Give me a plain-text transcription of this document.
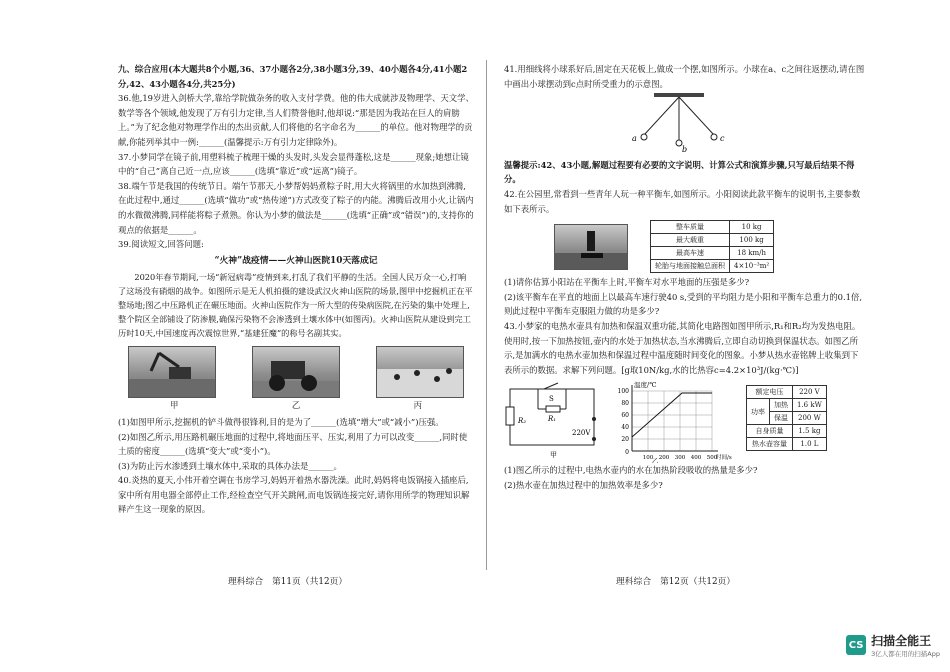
九、综合应用(本大题共8个小题,36、37小题各2分,38小题3分,39、40小题各4分,41小题2分,42、43小题各4分,共25分)

36.他,19岁进入剑桥大学,靠给学院做杂务的收入支付学费。他的伟大成就涉及物理学、天文学、数学等各个领域,他发现了万有引力定律,当人们赞誉他时,他却说:“那是因为我站在巨人的肩膀上。”为了纪念他对物理学作出的杰出贡献,人们将他的名字命名为______的单位。他对物理学的贡献,你能列举其中一例:______(温馨提示:万有引力定律除外)。

37.小梦同学在镜子前,用塑料梳子梳理干燥的头发时,头发会显得蓬松,这是______现象;她想让镜中的“自己”离自己近一点,应该______(选填“靠近”或“远离”)镜子。

38.端午节是我国的传统节日。端午节那天,小梦帮妈妈煮粽子时,用大火将锅里的水加热到沸腾,在此过程中,通过______(选填“做功”或“热传递”)方式改变了粽子的内能。沸腾后改用小火,让锅内的水微微沸腾,同样能将粽子煮熟。你认为小梦的做法是______(选填“正确”或“错误”)的,支持你的观点的依据是______。

39.阅读短文,回答问题:

“火神”战疫情——火神山医院10天落成记

2020年春节期间,一场“新冠病毒”疫情到来,打乱了我们平静的生活。全国人民万众一心,打响了这场没有硝烟的战争。如图所示是无人机拍摄的建设武汉火神山医院的场景,图甲中挖掘机正在平整场地;图乙中压路机正在碾压地面。火神山医院作为一所大型的传染病医院,在污染的集中处理上,整个院区全部铺设了防渗膜,确保污染物不会渗透到土壤水体中(如图丙)。火神山医院从建设到完工历时10天,中国速度再次震惊世界,“基建狂魔”的称号名副其实。

甲	乙	丙

(1)如图甲所示,挖掘机的铲斗做得很锋利,目的是为了______(选填“增大”或“减小”)压强。

(2)如图乙所示,用压路机碾压地面的过程中,将地面压平、压实,利用了力可以改变______,同时使土质的密度______(选填“变大”或“变小”)。

(3)为防止污水渗透到土壤水体中,采取的具体办法是______。

40.炎热的夏天,小伟开着空调在书房学习,妈妈开着热水器洗澡。此时,妈妈将电饭锅接入插座后,家中所有用电器全部停止工作,经检查空气开关跳闸,而电饭锅连接完好,请你用所学的物理知识解释产生这一现象的原因。

理科综合　第11页（共12页）

41.用细线将小球系好后,固定在天花板上,做成一个摆,如图所示。小球在a、c之间往返摆动,请在图中画出小球摆动到c点时所受重力的示意图。

a
b
c

温馨提示:42、43小题,解题过程要有必要的文字说明、计算公式和演算步骤,只写最后结果不得分。

42.在公园里,常看到一些青年人玩一种平衡车,如图所示。小阳阅读此款平衡车的说明书,主要参数如下表所示。

整车质量	10 kg
最大载重	100 kg
最高车速	18 km/h
轮胎与地面接触总面积	4×10⁻³m²

(1)请你估算小阳站在平衡车上时,平衡车对水平地面的压强是多少?

(2)该平衡车在平直的地面上以最高车速行驶40 s,受到的平均阻力是小阳和平衡车总重力的0.1倍,则此过程中平衡车克服阻力做的功是多少?

43.小梦家的电热水壶具有加热和保温双重功能,其简化电路图如图甲所示,R₁和R₂均为发热电阻。使用时,按一下加热按钮,壶内的水处于加热状态,当水沸腾后,立即自动切换到保温状态。如图乙所示,是加满水的电热水壶加热和保温过程中温度随时间变化的图象。小梦从热水壶铭牌上收集到下表所示的数据。求解下列问题。[g取10N/kg,水的比热容c=4.2×10³J/(kg·℃)]

R₂	R₁
S
220V
甲
温度/℃
100
80
60
40
20
0
100 200 300 400 500
时间/s
乙
额定电压		220 V
功率	加热	1.6 kW
	保温	200 W
自身质量		1.5 kg
热水壶容量		1.0 L

(1)图乙所示的过程中,电热水壶内的水在加热阶段吸收的热量是多少?

(2)热水壶在加热过程中的加热效率是多少?

理科综合　第12页（共12页）
CS 扫描全能王
3亿人都在用的扫描App
